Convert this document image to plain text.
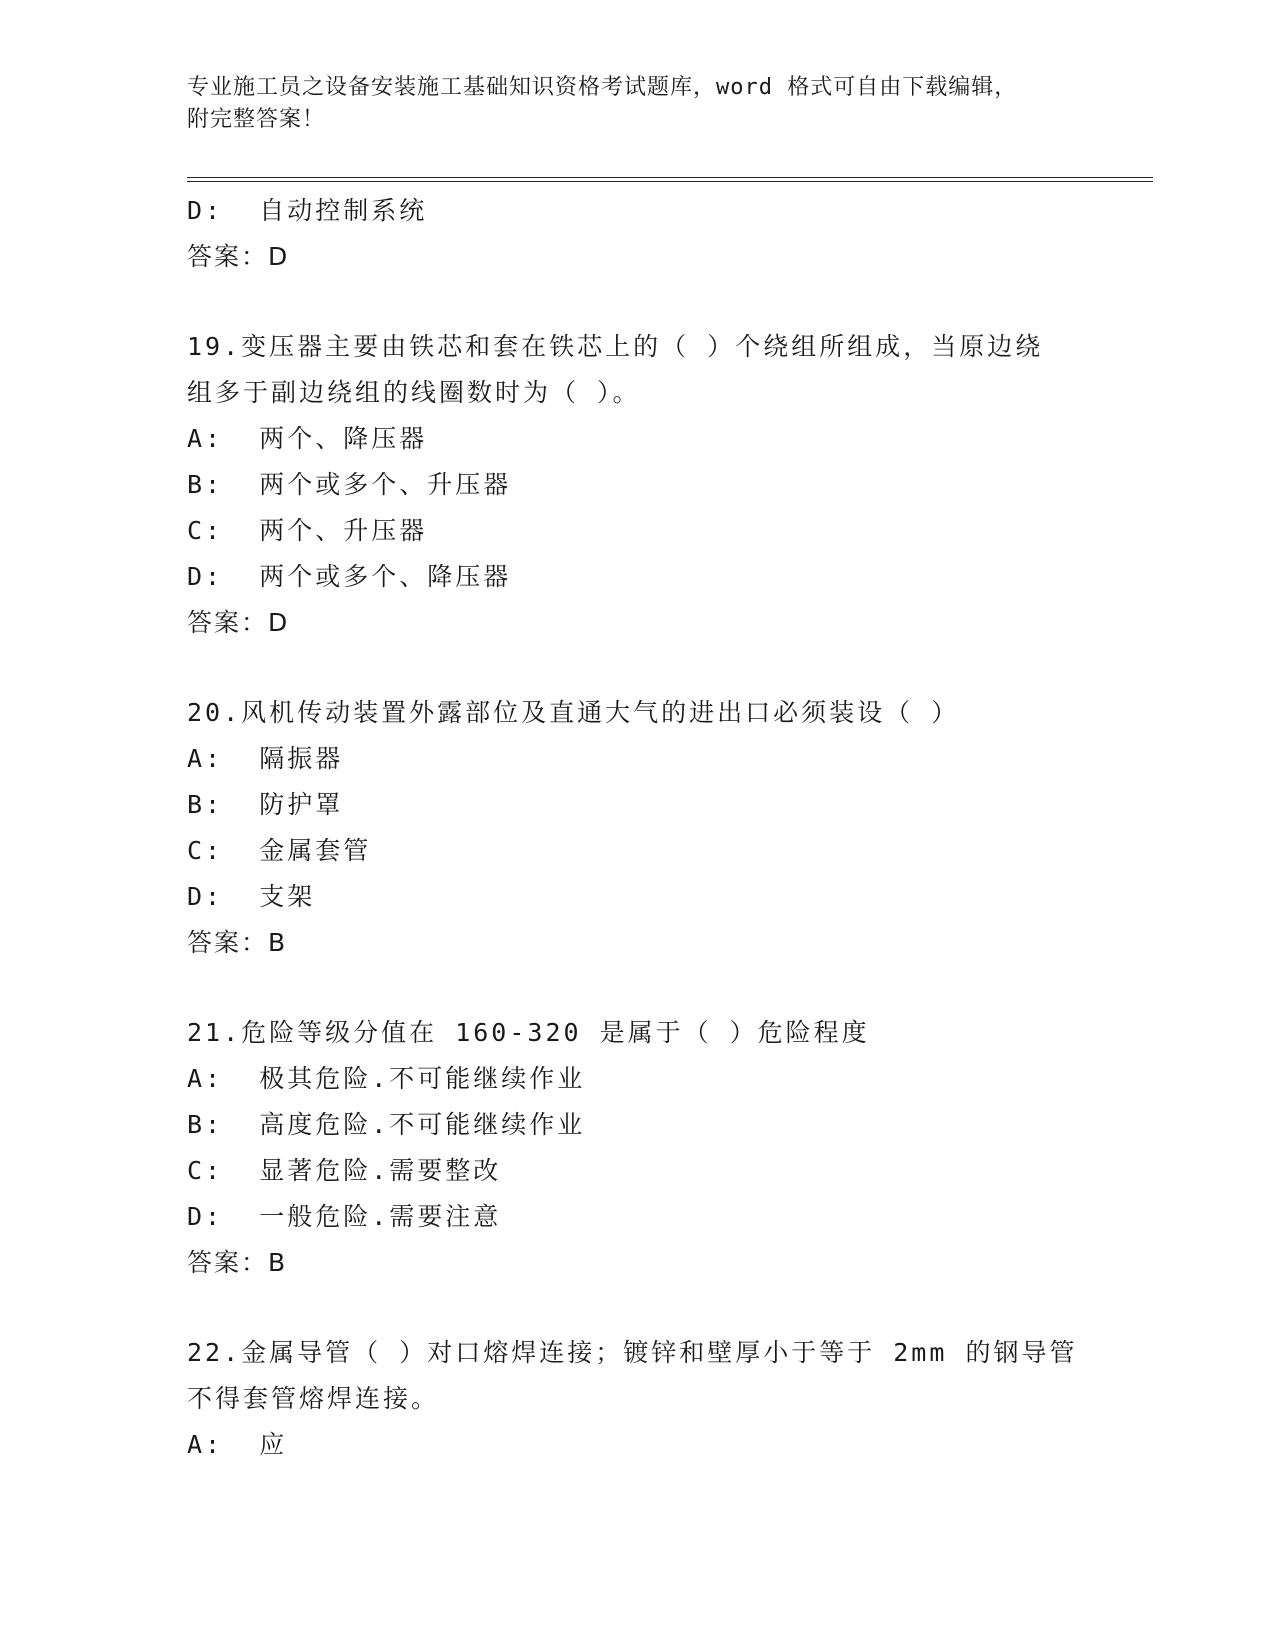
专业施工员之设备安装施工基础知识资格考试题库，word 格式可自由下载编辑，
附完整答案！
D:  自动控制系统
答案：D
19.变压器主要由铁芯和套在铁芯上的（ ）个绕组所组成，当原边绕
组多于副边绕组的线圈数时为（ ）。
A:  两个、降压器
B:  两个或多个、升压器
C:  两个、升压器
D:  两个或多个、降压器
答案：D
20.风机传动装置外露部位及直通大气的进出口必须装设（ ）
A:  隔振器
B:  防护罩
C:  金属套管
D:  支架
答案：B
21.危险等级分值在 160-320 是属于（ ）危险程度
A:  极其危险.不可能继续作业
B:  高度危险.不可能继续作业
C:  显著危险.需要整改
D:  一般危险.需要注意
答案：B
22.金属导管（ ）对口熔焊连接；镀锌和壁厚小于等于 2mm 的钢导管
不得套管熔焊连接。
A:  应
